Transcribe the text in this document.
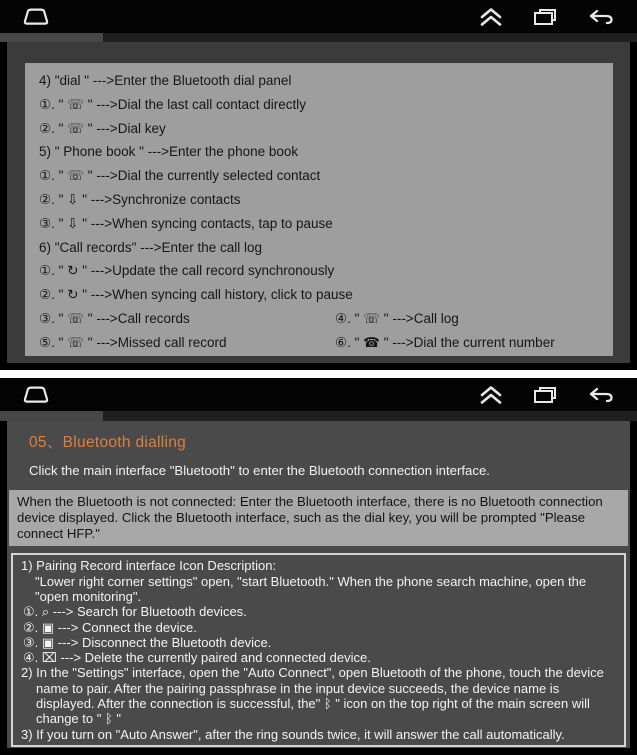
4) "dial " --->Enter the Bluetooth dial panel
①. " ☏ " --->Dial the last call contact directly
②. " ☏ " --->Dial key
5) " Phone book " --->Enter the phone book
①. " ☏ " --->Dial the currently selected contact
②. " ⇩ " --->Synchronize contacts
③. " ⇩ " --->When syncing contacts, tap to pause
6) "Call records" --->Enter the call log
①. " ↻ " --->Update the call record synchronously
②. " ↻ " --->When syncing call history, click to pause
③. " ☏ " --->Call records	④. " ☏ " --->Call log
⑤. " ☏ " --->Missed call record	⑥. " ☎ " --->Dial the current number
05、Bluetooth dialling
Click the main interface "Bluetooth" to enter the Bluetooth connection interface.
When the Bluetooth is not connected: Enter the Bluetooth interface, there is no Bluetooth connection device displayed. Click the Bluetooth interface, such as the dial key, you will be prompted "Please connect HFP."
1) Pairing Record interface Icon Description:
"Lower right corner settings" open, "start Bluetooth." When the phone search machine, open the "open monitoring".
①. ⌕ ---> Search for Bluetooth devices.
②. ▣ ---> Connect the device.
③. ▣ ---> Disconnect the Bluetooth device.
④. ⌧ ---> Delete the currently paired and connected device.
2) In the "Settings" interface, open the "Auto Connect", open Bluetooth of the phone, touch the device name to pair. After the pairing passphrase in the input device succeeds, the device name is displayed. After the connection is successful, the" ᛒ " icon on the top right of the main screen will change to " ᛒ "
3) If you turn on "Auto Answer", after the ring sounds twice, it will answer the call automatically.
